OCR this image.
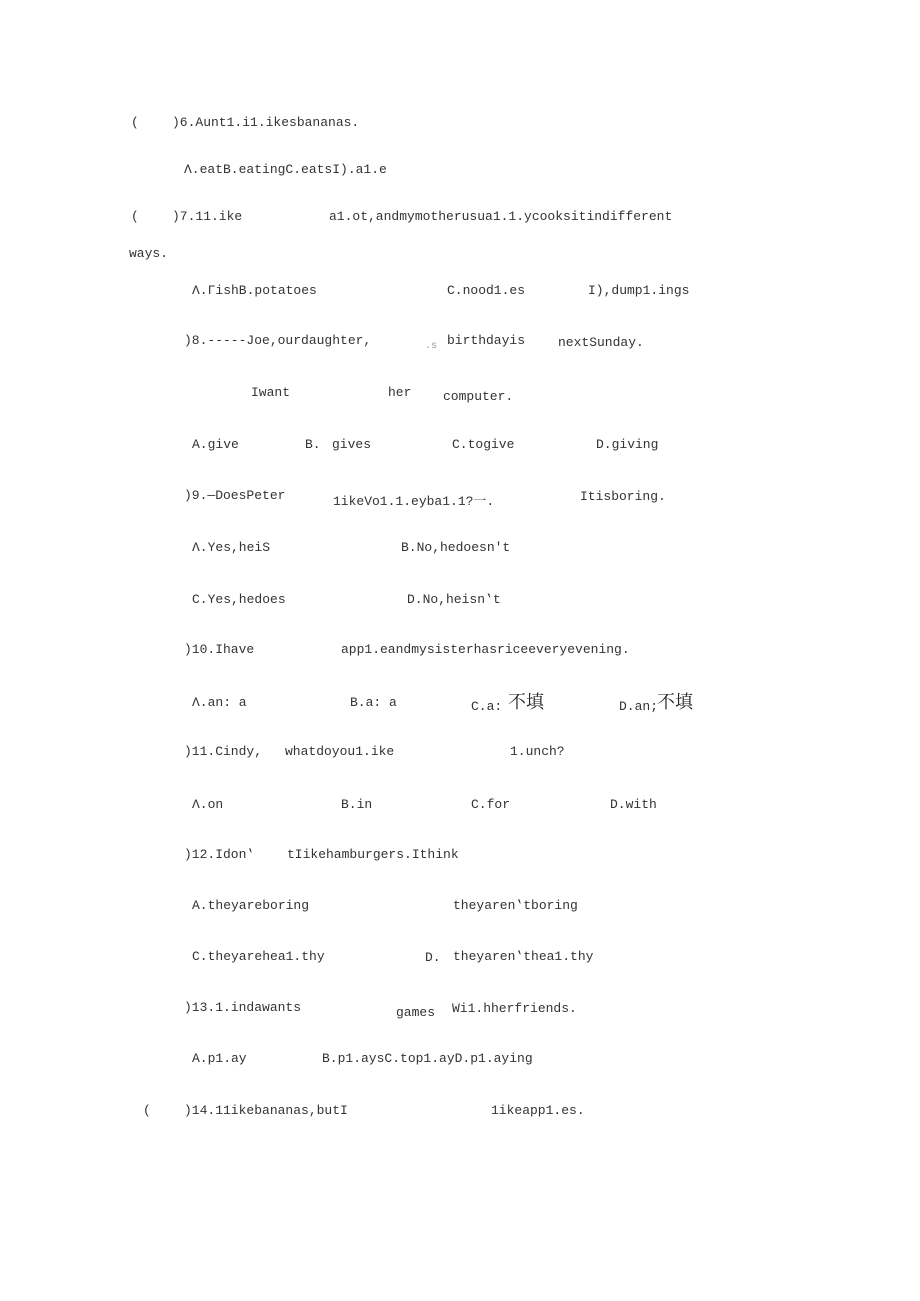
(	)6.Aunt1.i1.ikesbananas.
Λ.eatB.eatingC.eatsI).a1.e
(	)7.11.ike	a1.ot,andmymotherusua1.1.ycooksitindifferent
ways.
Λ.ΓishB.potatoes	C.nood1.es	I),dump1.ings
)8.-----Joe,ourdaughter,	.s birthdayis	nextSunday.
Iwant	her computer.
A.give	B. gives	C.togive	D.giving
)9.—DoesPeter	1ikeVo1.1.eyba1.1?一.	Itisboring.
Λ.Yes,heiS	B.No,hedoesn't
C.Yes,hedoes	D.No,heisn‛t
)10.Ihave	app1.eandmysisterhasriceeveryevening.
Λ.an: a	B.a: a	C.a: 不填	D.an;
不填
)11.Cindy, whatdoyou1.ike	1.unch?
Λ.on	B.in	C.for	D.with
)12.Idon‛	tIikehamburgers.Ithink
A.theyareboring	theyaren‛tboring
C.theyarehea1.thy	D. theyaren‛thea1.thy
)13.1.indawants	games Wi1.hherfriends.
A.p1.ay	B.p1.aysC.top1.ayD.p1.aying
(	)14.11ikebananas,butI	1ikeapp1.es.
